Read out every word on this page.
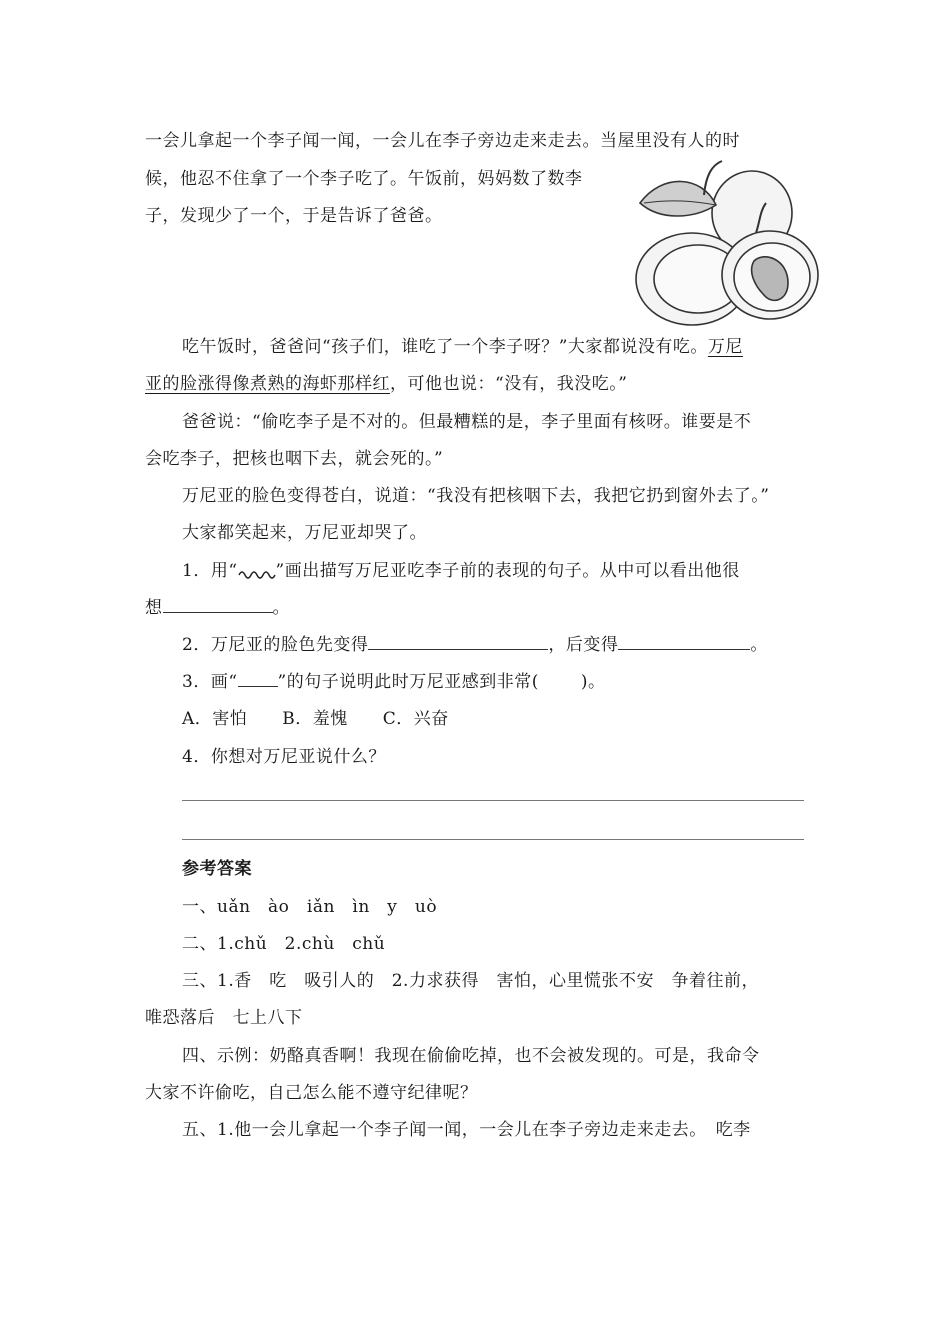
一会儿拿起一个李子闻一闻，一会儿在李子旁边走来走去。当屋里没有人的时
候，他忍不住拿了一个李子吃了。午饭前，妈妈数了数李
子，发现少了一个，于是告诉了爸爸。
吃午饭时，爸爸问“孩子们，谁吃了一个李子呀？”大家都说没有吃。万尼
亚的脸涨得像煮熟的海虾那样红，可他也说：“没有，我没吃。”
爸爸说：“偷吃李子是不对的。但最糟糕的是，李子里面有核呀。谁要是不
会吃李子，把核也咽下去，就会死的。”
万尼亚的脸色变得苍白，说道：“我没有把核咽下去，我把它扔到窗外去了。”
大家都笑起来，万尼亚却哭了。
1．用“ ”画出描写万尼亚吃李子前的表现的句子。从中可以看出他很
想	。
2．万尼亚的脸色先变得	，后变得	。
3．画“ ”的句子说明此时万尼亚感到非常( )。
A．害怕　　B．羞愧　　C．兴奋
4．你想对万尼亚说什么？
参考答案
一、uǎn　ào　iǎn　ìn　y　uò
二、1.chǔ　2.chù　chǔ
三、1.香　吃　吸引人的　2.力求获得　害怕，心里慌张不安　争着往前，
唯恐落后　七上八下
四、示例：奶酪真香啊！我现在偷偷吃掉，也不会被发现的。可是，我命令
大家不许偷吃，自己怎么能不遵守纪律呢？
五、1.他一会儿拿起一个李子闻一闻，一会儿在李子旁边走来走去。　吃李
